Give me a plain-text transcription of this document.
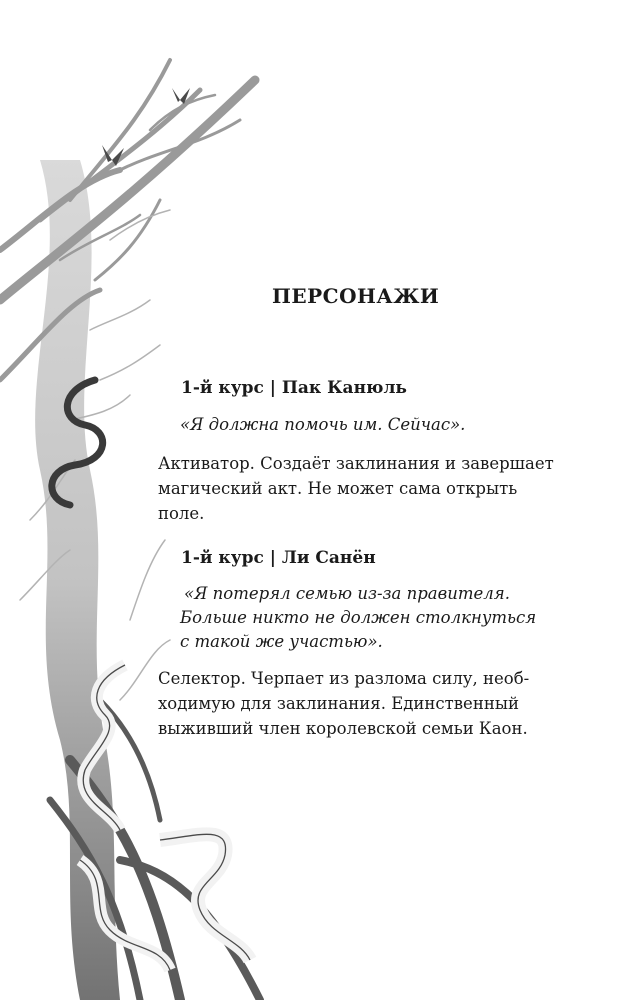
ПЕРСОНАЖИ
1-й курс | Пак Канюль

«Я должна помочь им. Сейчас».

Активатор. Создаёт заклинания и завершает
магический акт. Не может сама открыть
поле.

1-й курс | Ли Санён

«Я потерял семью из-за правителя.
Больше никто не должен столкнуться
с такой же участью».

Селектор. Черпает из разлома силу, необ-
ходимую для заклинания. Единственный
выживший член королевской семьи Каон.
